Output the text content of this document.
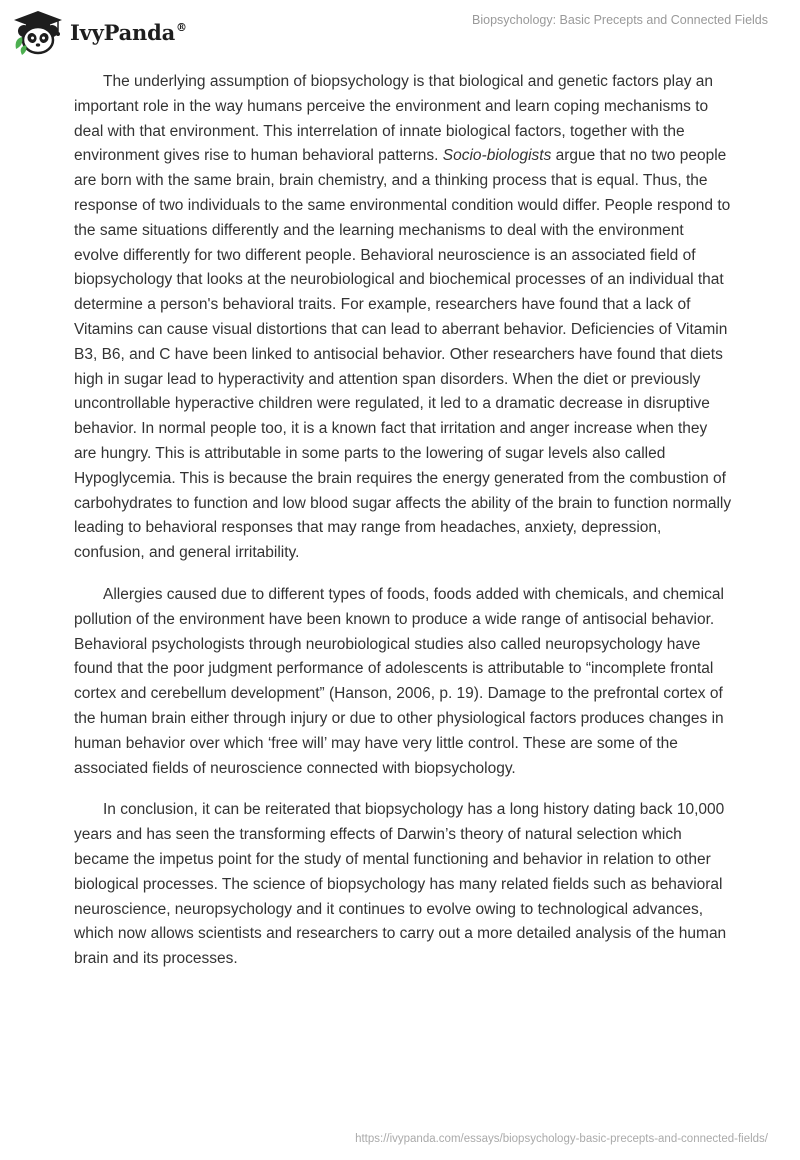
IvyPanda®	Biopsychology: Basic Precepts and Connected Fields

The underlying assumption of biopsychology is that biological and genetic factors play an important role in the way humans perceive the environment and learn coping mechanisms to deal with that environment. This interrelation of innate biological factors, together with the environment gives rise to human behavioral patterns. Socio-biologists argue that no two people are born with the same brain, brain chemistry, and a thinking process that is equal. Thus, the response of two individuals to the same environmental condition would differ. People respond to the same situations differently and the learning mechanisms to deal with the environment evolve differently for two different people. Behavioral neuroscience is an associated field of biopsychology that looks at the neurobiological and biochemical processes of an individual that determine a person's behavioral traits. For example, researchers have found that a lack of Vitamins can cause visual distortions that can lead to aberrant behavior. Deficiencies of Vitamin B3, B6, and C have been linked to antisocial behavior. Other researchers have found that diets high in sugar lead to hyperactivity and attention span disorders. When the diet or previously uncontrollable hyperactive children were regulated, it led to a dramatic decrease in disruptive behavior. In normal people too, it is a known fact that irritation and anger increase when they are hungry. This is attributable in some parts to the lowering of sugar levels also called Hypoglycemia. This is because the brain requires the energy generated from the combustion of carbohydrates to function and low blood sugar affects the ability of the brain to function normally leading to behavioral responses that may range from headaches, anxiety, depression, confusion, and general irritability.

Allergies caused due to different types of foods, foods added with chemicals, and chemical pollution of the environment have been known to produce a wide range of antisocial behavior. Behavioral psychologists through neurobiological studies also called neuropsychology have found that the poor judgment performance of adolescents is attributable to “incomplete frontal cortex and cerebellum development” (Hanson, 2006, p. 19). Damage to the prefrontal cortex of the human brain either through injury or due to other physiological factors produces changes in human behavior over which ‘free will’ may have very little control. These are some of the associated fields of neuroscience connected with biopsychology.

In conclusion, it can be reiterated that biopsychology has a long history dating back 10,000 years and has seen the transforming effects of Darwin’s theory of natural selection which became the impetus point for the study of mental functioning and behavior in relation to other biological processes. The science of biopsychology has many related fields such as behavioral neuroscience, neuropsychology and it continues to evolve owing to technological advances, which now allows scientists and researchers to carry out a more detailed analysis of the human brain and its processes.

https://ivypanda.com/essays/biopsychology-basic-precepts-and-connected-fields/
